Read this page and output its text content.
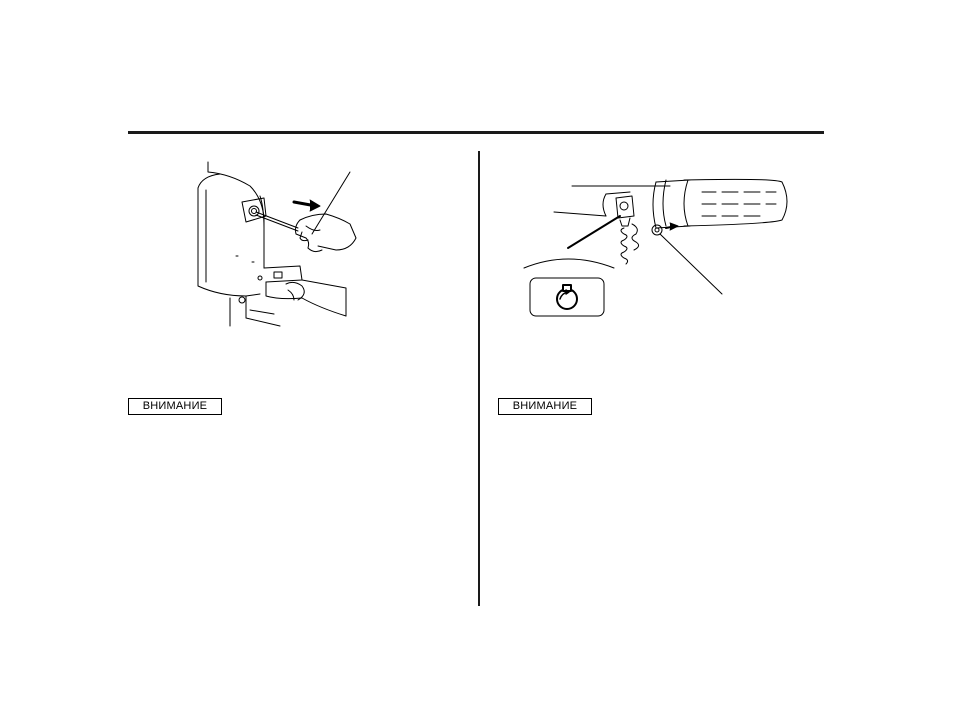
ВНИМАНИЕ	ВНИМАНИЕ
